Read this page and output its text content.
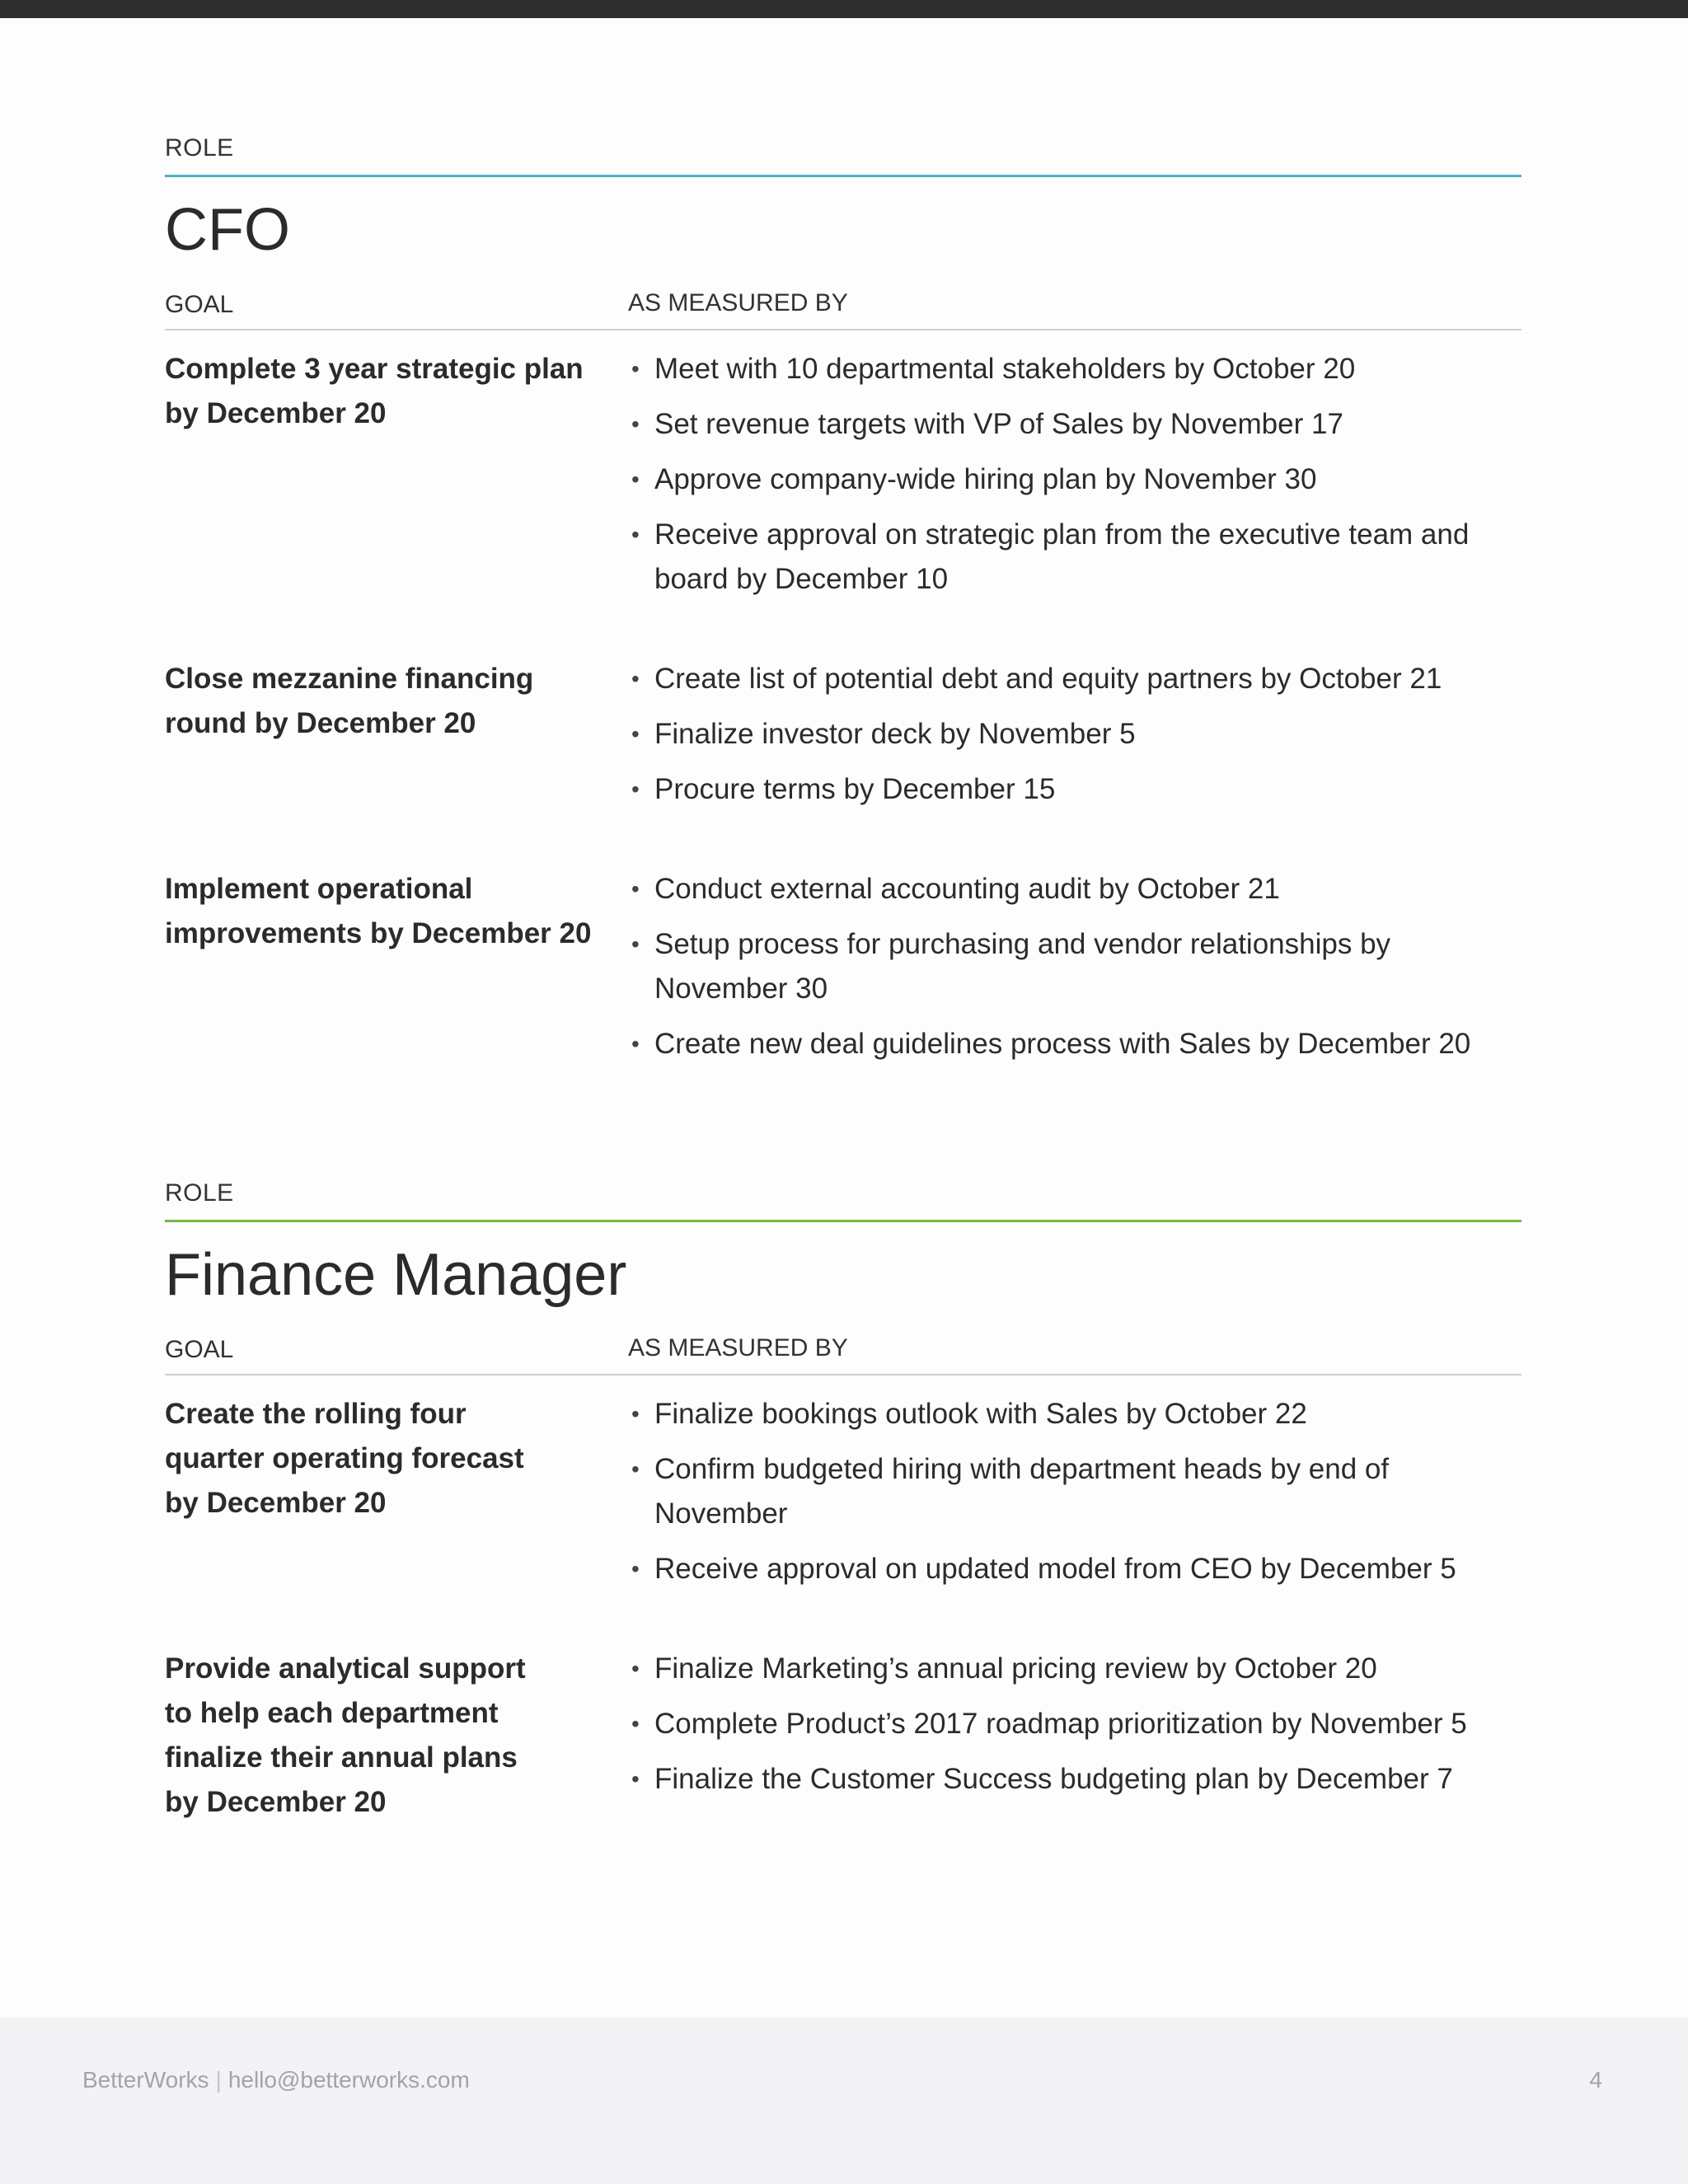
ROLE
CFO
GOAL	AS MEASURED BY
Complete 3 year strategic plan by December 20
• Meet with 10 departmental stakeholders by October 20
• Set revenue targets with VP of Sales by November 17
• Approve company-wide hiring plan by November 30
• Receive approval on strategic plan from the executive team and board by December 10
Close mezzanine financing round by December 20
• Create list of potential debt and equity partners by October 21
• Finalize investor deck by November 5
• Procure terms by December 15
Implement operational improvements by December 20
• Conduct external accounting audit by October 21
• Setup process for purchasing and vendor relationships by November 30
• Create new deal guidelines process with Sales by December 20
ROLE
Finance Manager
GOAL	AS MEASURED BY
Create the rolling four quarter operating forecast by December 20
• Finalize bookings outlook with Sales by October 22
• Confirm budgeted hiring with department heads by end of November
• Receive approval on updated model from CEO by December 5
Provide analytical support to help each department finalize their annual plans by December 20
• Finalize Marketing’s annual pricing review by October 20
• Complete Product’s 2017 roadmap prioritization by November 5
• Finalize the Customer Success budgeting plan by December 7
BetterWorks | hello@betterworks.com	4
